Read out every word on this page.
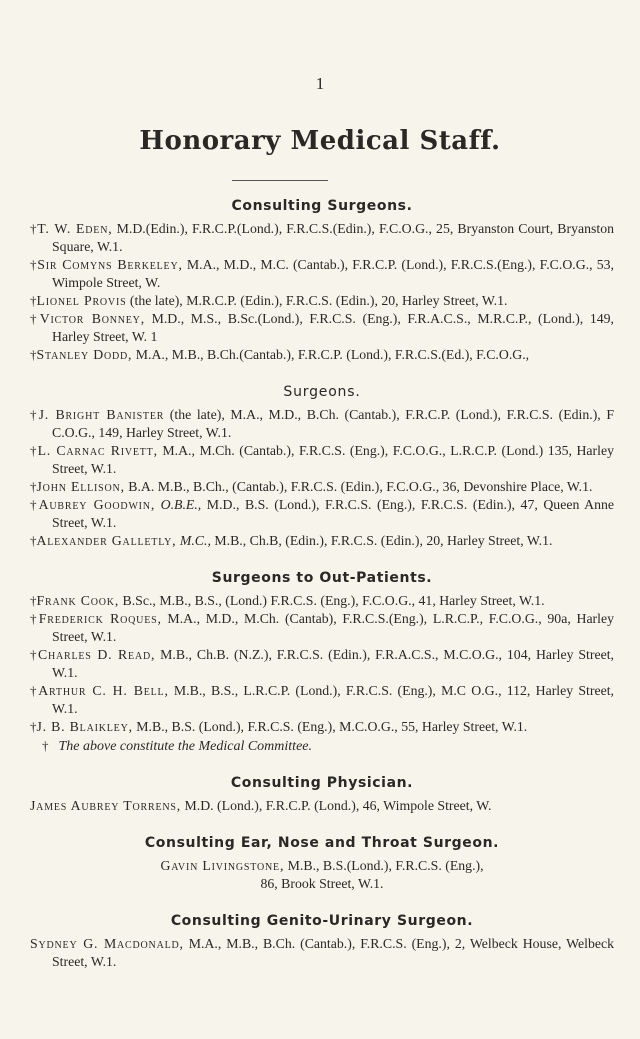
1
Honorary Medical Staff.
Consulting Surgeons.

†T. W. Eden, M.D.(Edin.), F.R.C.P.(Lond.), F.R.C.S.(Edin.), F.C.O.G., 25, Bryanston Court, Bryanston Square, W.1.

†Sir Comyns Berkeley, M.A., M.D., M.C. (Cantab.), F.R.C.P. (Lond.), F.R.C.S.(Eng.), F.C.O.G., 53, Wimpole Street, W.

†Lionel Provis (the late), M.R.C.P. (Edin.), F.R.C.S. (Edin.), 20, Harley Street, W.1.

†Victor Bonney, M.D., M.S., B.Sc.(Lond.), F.R.C.S. (Eng.), F.R.A.C.S., M.R.C.P., (Lond.), 149, Harley Street, W. 1

†Stanley Dodd, M.A., M.B., B.Ch.(Cantab.), F.R.C.P. (Lond.), F.R.C.S.(Ed.), F.C.O.G.,

Surgeons.

†J. Bright Banister (the late), M.A., M.D., B.Ch. (Cantab.), F.R.C.P. (Lond.), F.R.C.S. (Edin.), F C.O.G., 149, Harley Street, W.1.

†L. Carnac Rivett, M.A., M.Ch. (Cantab.), F.R.C.S. (Eng.), F.C.O.G., L.R.C.P. (Lond.) 135, Harley Street, W.1.

†John Ellison, B.A. M.B., B.Ch., (Cantab.), F.R.C.S. (Edin.), F.C.O.G., 36, Devonshire Place, W.1.

†Aubrey Goodwin, O.B.E., M.D., B.S. (Lond.), F.R.C.S. (Eng.), F.R.C.S. (Edin.), 47, Queen Anne Street, W.1.

†Alexander Galletly, M.C., M.B., Ch.B, (Edin.), F.R.C.S. (Edin.), 20, Harley Street, W.1.

Surgeons to Out-Patients.

†Frank Cook, B.Sc., M.B., B.S., (Lond.) F.R.C.S. (Eng.), F.C.O.G., 41, Harley Street, W.1.

†Frederick Roques, M.A., M.D., M.Ch. (Cantab), F.R.C.S.(Eng.), L.R.C.P., F.C.O.G., 90a, Harley Street, W.1.

†Charles D. Read, M.B., Ch.B. (N.Z.), F.R.C.S. (Edin.), F.R.A.C.S., M.C.O.G., 104, Harley Street, W.1.

†Arthur C. H. Bell, M.B., B.S., L.R.C.P. (Lond.), F.R.C.S. (Eng.), M.C O.G., 112, Harley Street, W.1.

†J. B. Blaikley, M.B., B.S. (Lond.), F.R.C.S. (Eng.), M.C.O.G., 55, Harley Street, W.1.

† The above constitute the Medical Committee.
Consulting Physician.

James Aubrey Torrens, M.D. (Lond.), F.R.C.P. (Lond.), 46, Wimpole Street, W.

Consulting Ear, Nose and Throat Surgeon.

Gavin Livingstone, M.B., B.S.(Lond.), F.R.C.S. (Eng.),
86, Brook Street, W.1.

Consulting Genito-Urinary Surgeon.

Sydney G. Macdonald, M.A., M.B., B.Ch. (Cantab.), F.R.C.S. (Eng.), 2, Welbeck House, Welbeck Street, W.1.
